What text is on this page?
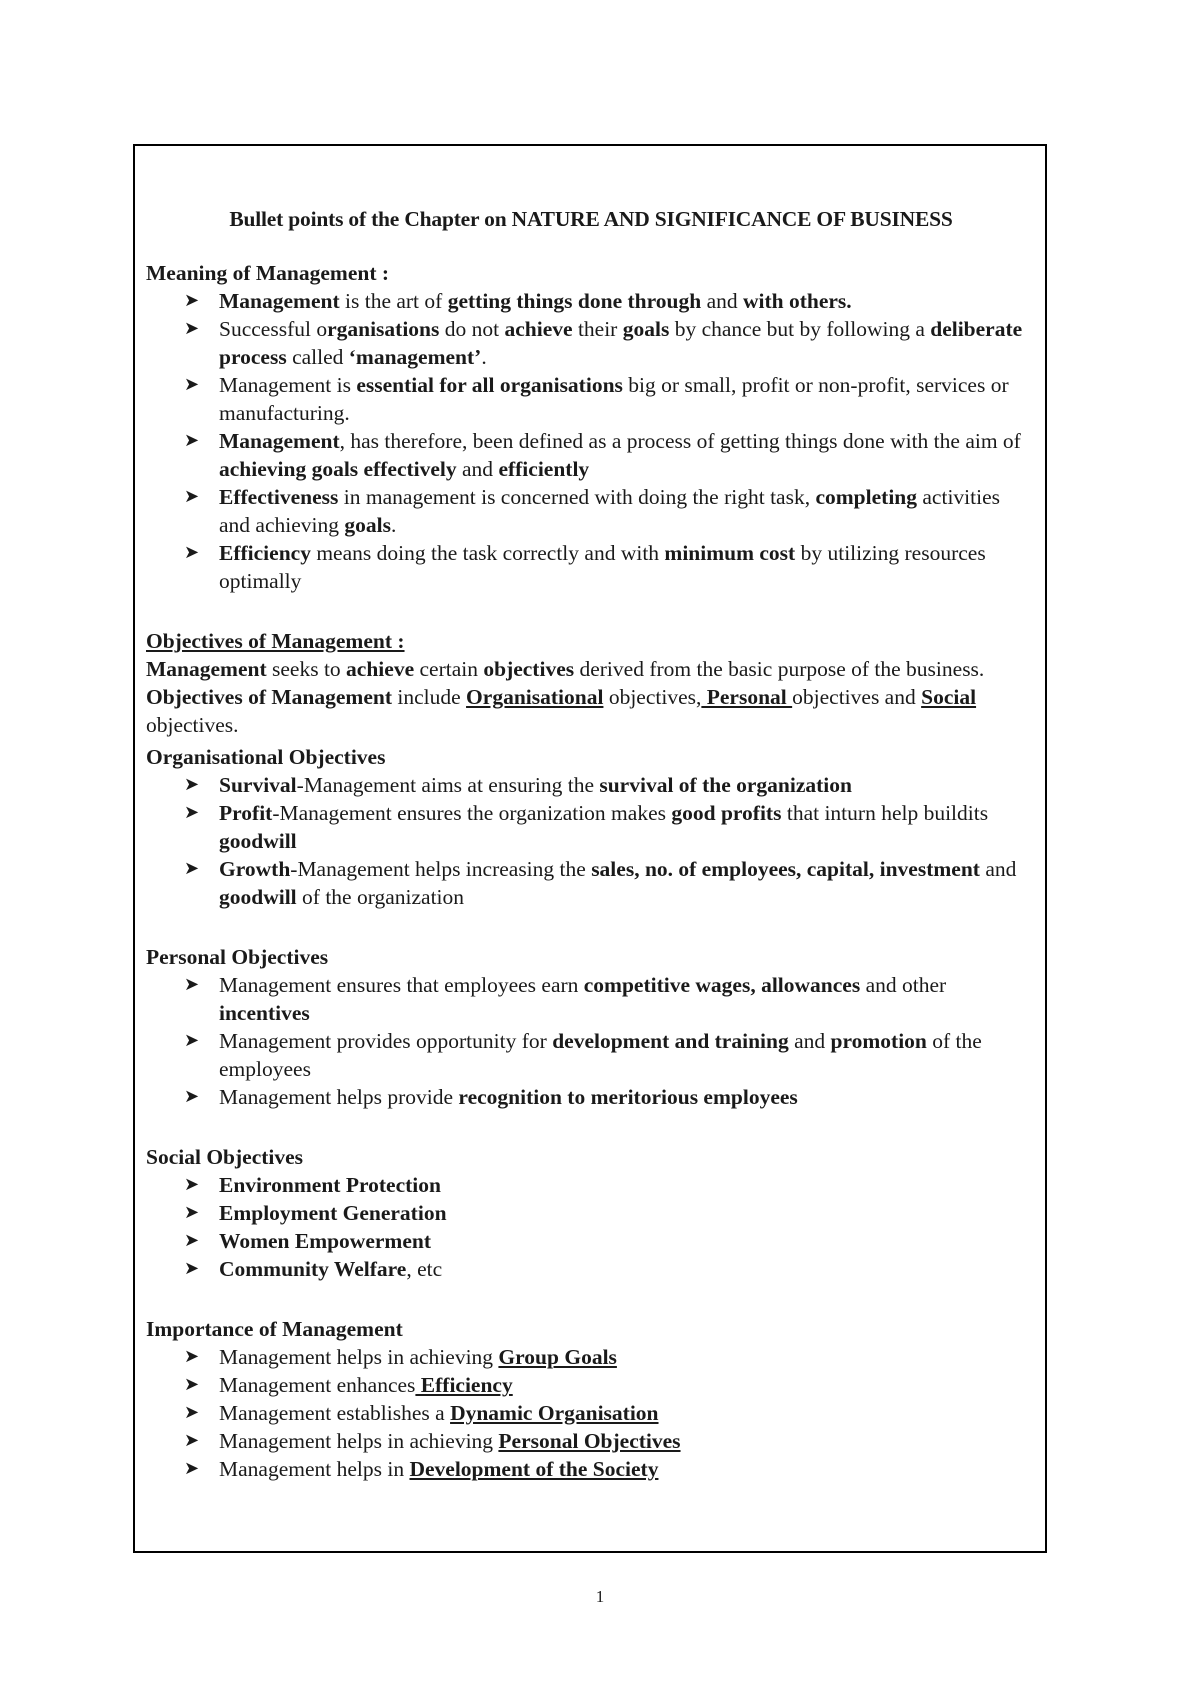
Bullet points of the Chapter on NATURE AND SIGNIFICANCE OF BUSINESS

Meaning of Management :

➤ Management is the art of getting things done through and with others.
➤ Successful organisations do not achieve their goals by chance but by following a deliberate process called ‘management’.
➤ Management is essential for all organisations big or small, profit or non-profit, services or manufacturing.
➤ Management, has therefore, been defined as a process of getting things done with the aim of achieving goals effectively and efficiently
➤ Effectiveness in management is concerned with doing the right task, completing activities and achieving goals.
➤ Efficiency means doing the task correctly and with minimum cost by utilizing resources optimally

Objectives of Management :

Management seeks to achieve certain objectives derived from the basic purpose of the business.

Objectives of Management include Organisational objectives, Personal objectives and Social objectives.

Organisational Objectives

➤ Survival-Management aims at ensuring the survival of the organization
➤ Profit-Management ensures the organization makes good profits that inturn help buildits goodwill
➤ Growth-Management helps increasing the sales, no. of employees, capital, investment and goodwill of the organization

Personal Objectives

➤ Management ensures that employees earn competitive wages, allowances and other incentives
➤ Management provides opportunity for development and training and promotion of the employees
➤ Management helps provide recognition to meritorious employees

Social Objectives

➤ Environment Protection
➤ Employment Generation
➤ Women Empowerment
➤ Community Welfare, etc

Importance of Management

➤ Management helps in achieving Group Goals
➤ Management enhances Efficiency
➤ Management establishes a Dynamic Organisation
➤ Management helps in achieving Personal Objectives
➤ Management helps in Development of the Society
1
